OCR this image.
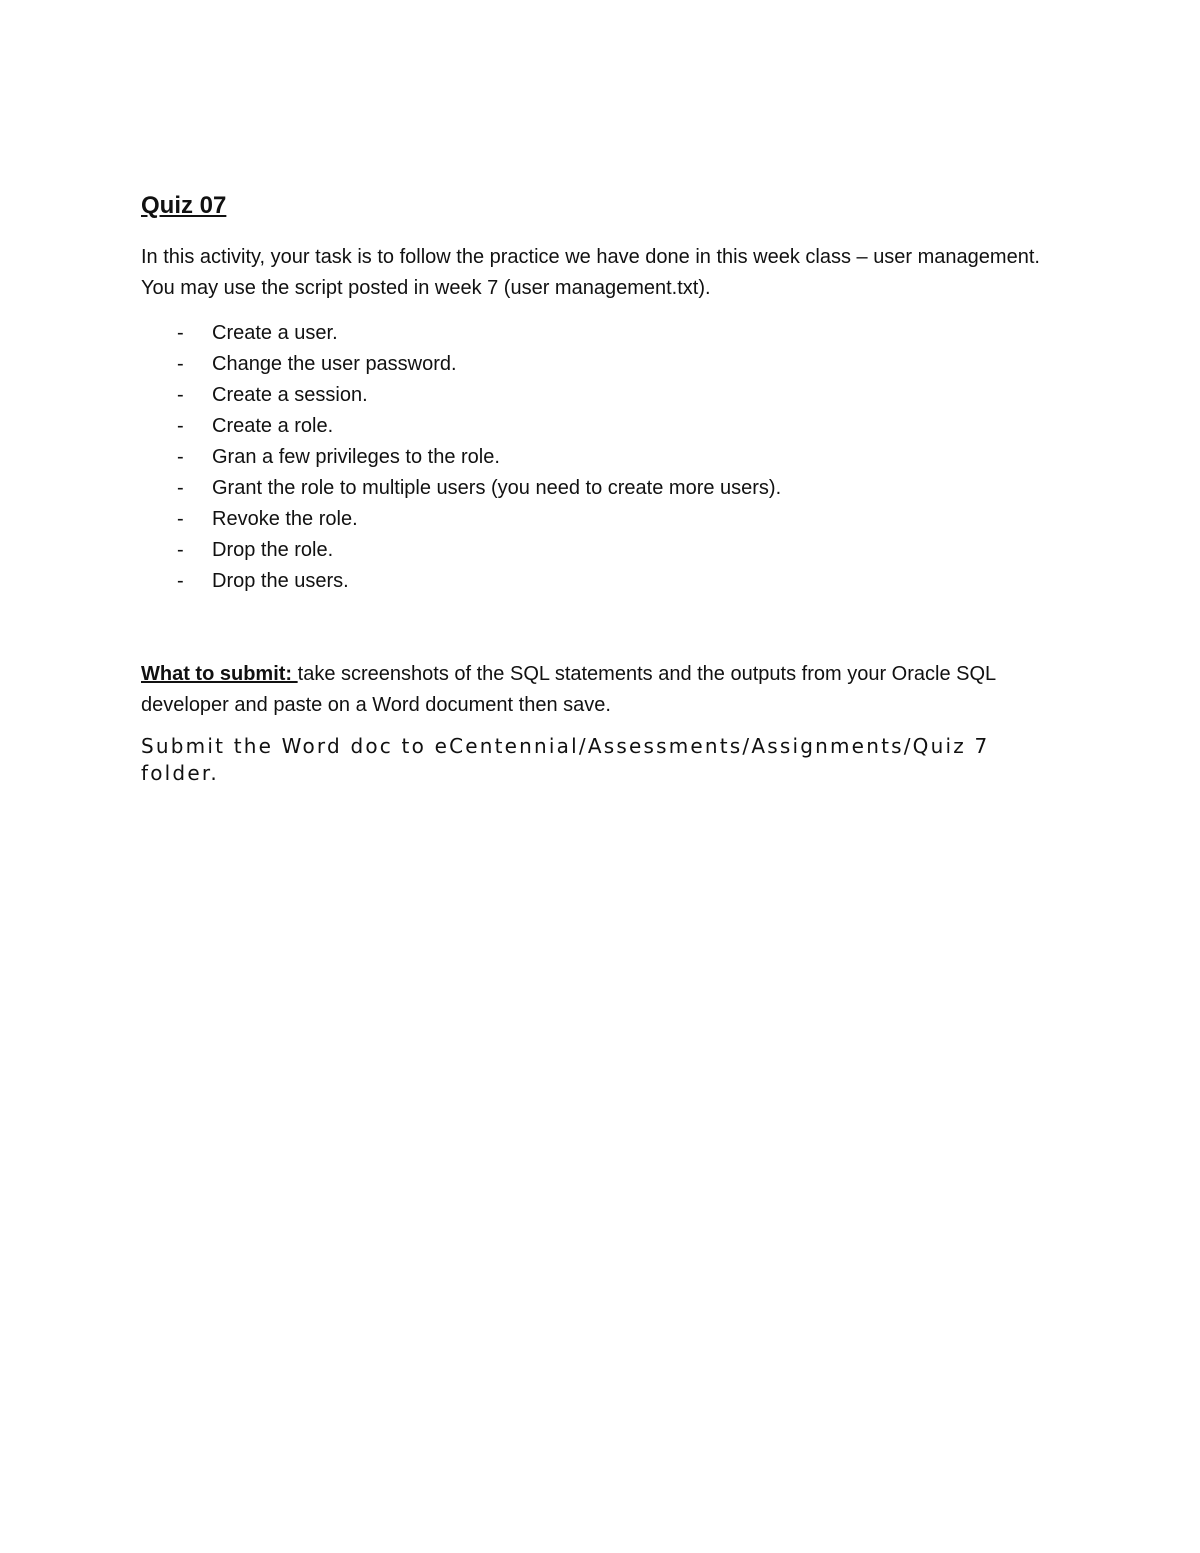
Quiz 07

In this activity, your task is to follow the practice we have done in this week class – user management. You may use the script posted in week 7 (user management.txt).

- Create a user.
- Change the user password.
- Create a session.
- Create a role.
- Gran a few privileges to the role.
- Grant the role to multiple users (you need to create more users).
- Revoke the role.
- Drop the role.
- Drop the users.
What to submit: take screenshots of the SQL statements and the outputs from your Oracle SQL developer and paste on a Word document then save.
Submit the Word doc to eCentennial/Assessments/Assignments/Quiz 7 folder.
